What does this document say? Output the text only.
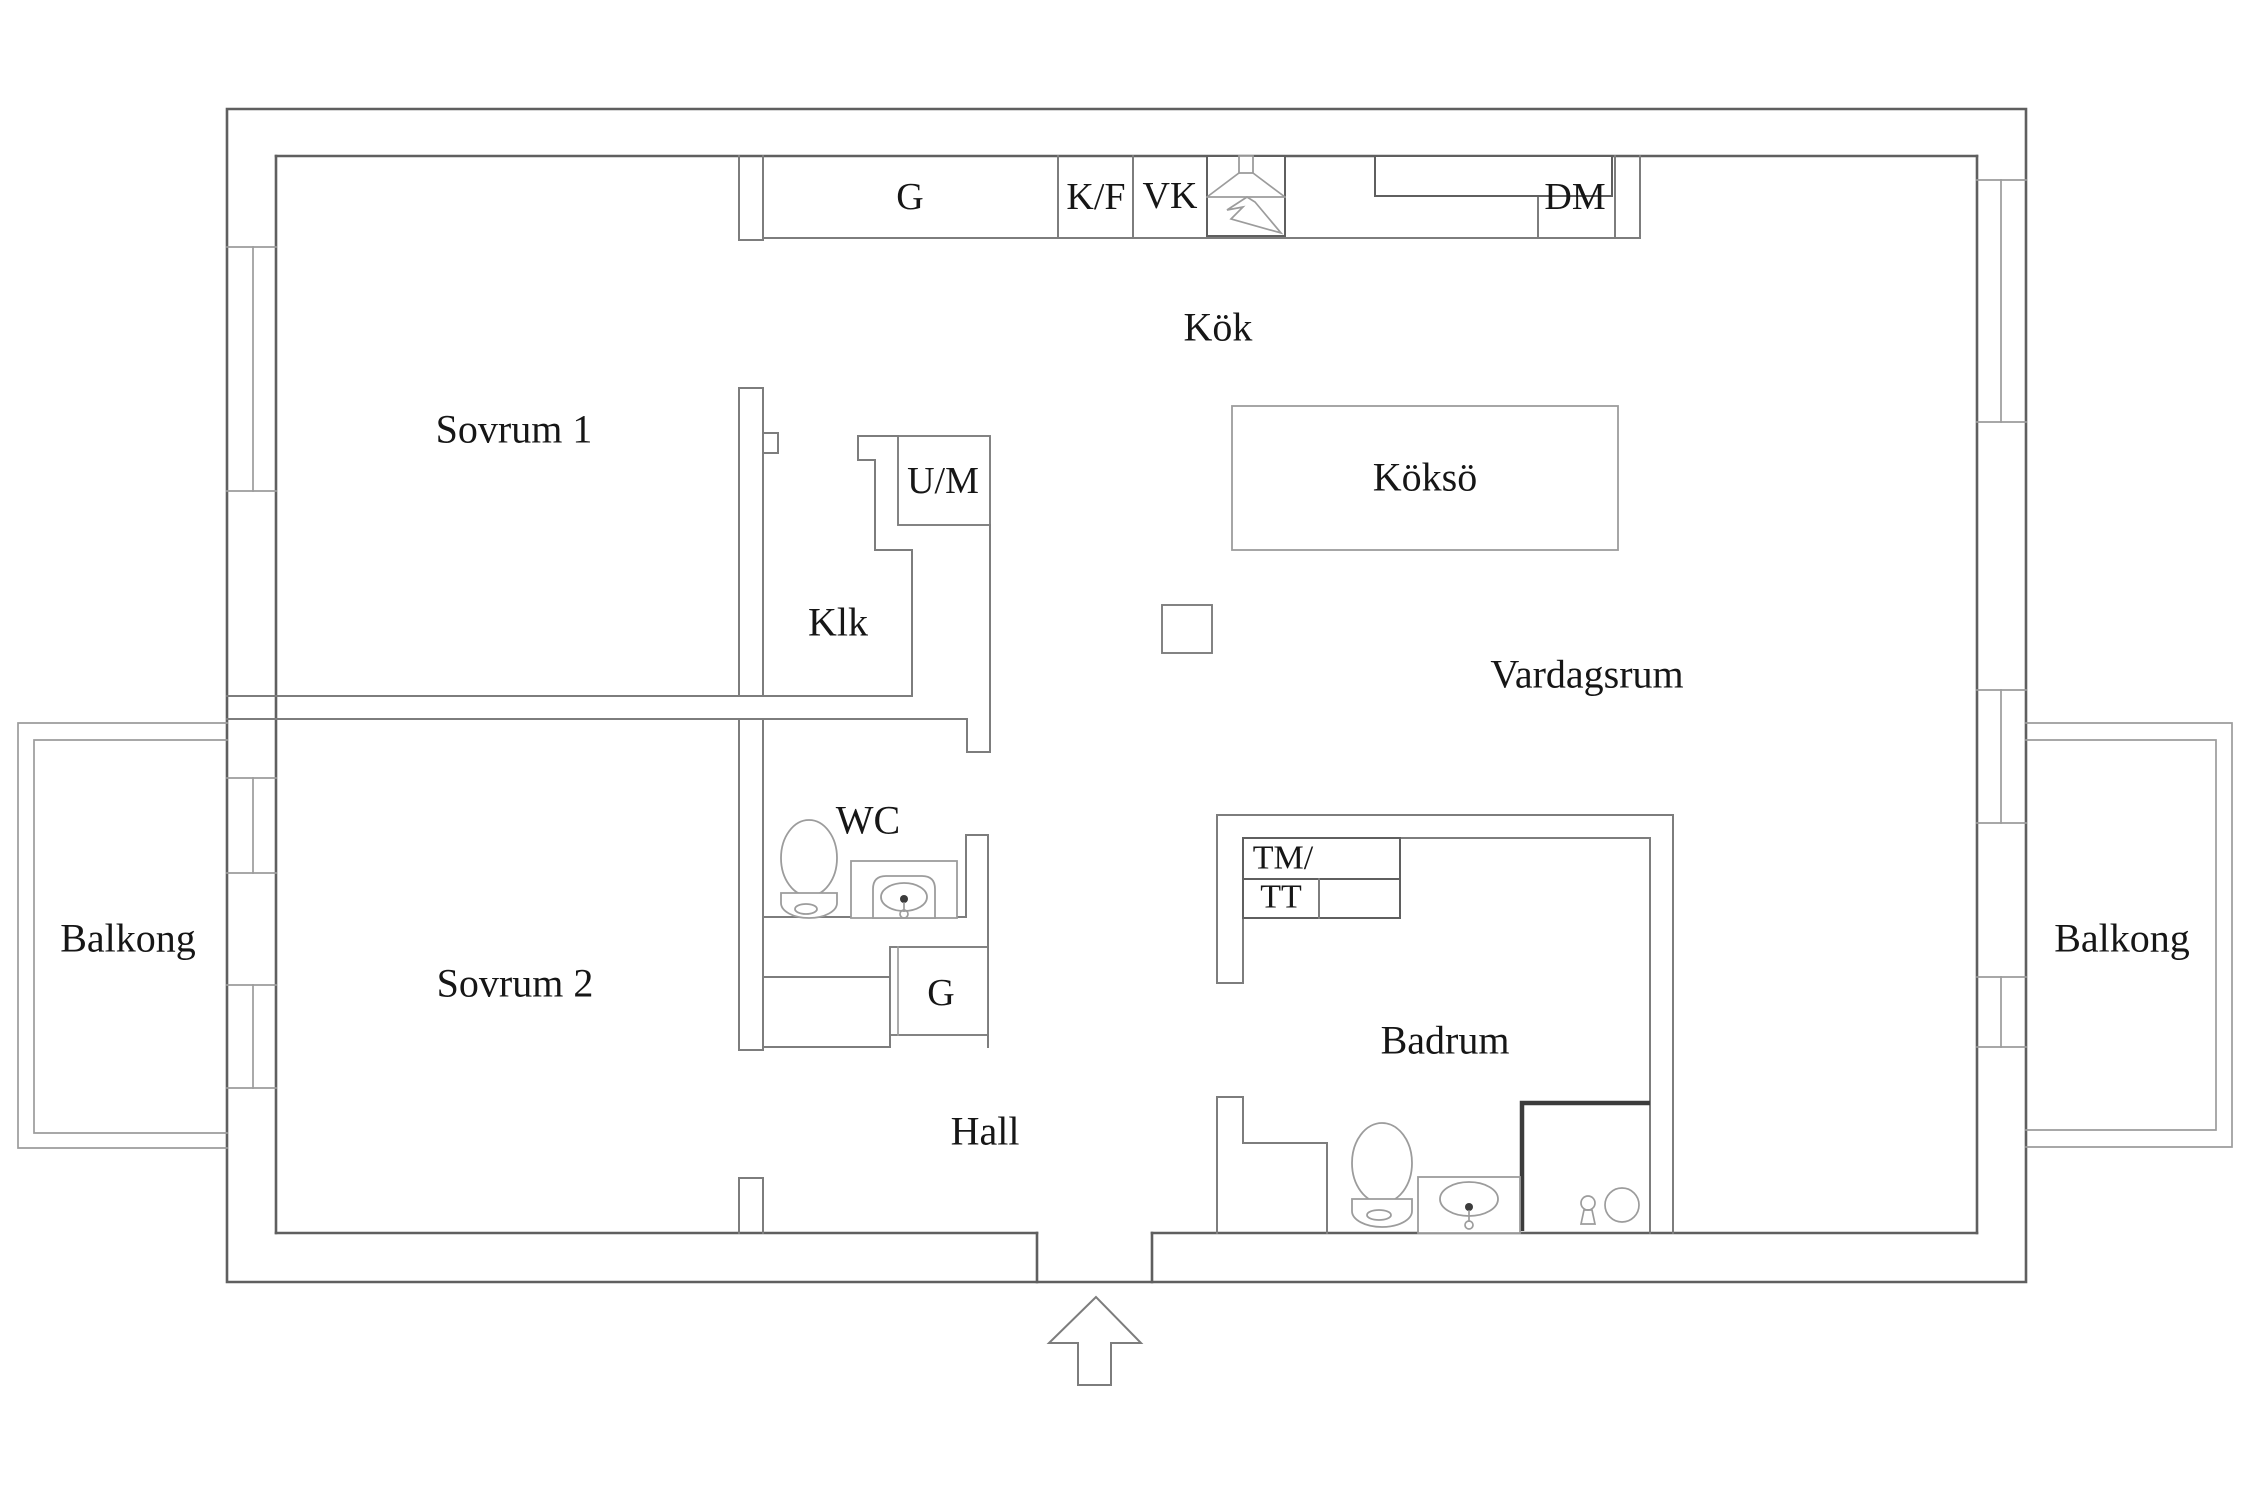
Sovrum 1
Sovrum 2
Kök
Köksö
Vardagsrum
Klk
WC
Hall
Badrum
Balkong	Balkong
G	K/F VK	DM
U/M
G
TM/
TT
